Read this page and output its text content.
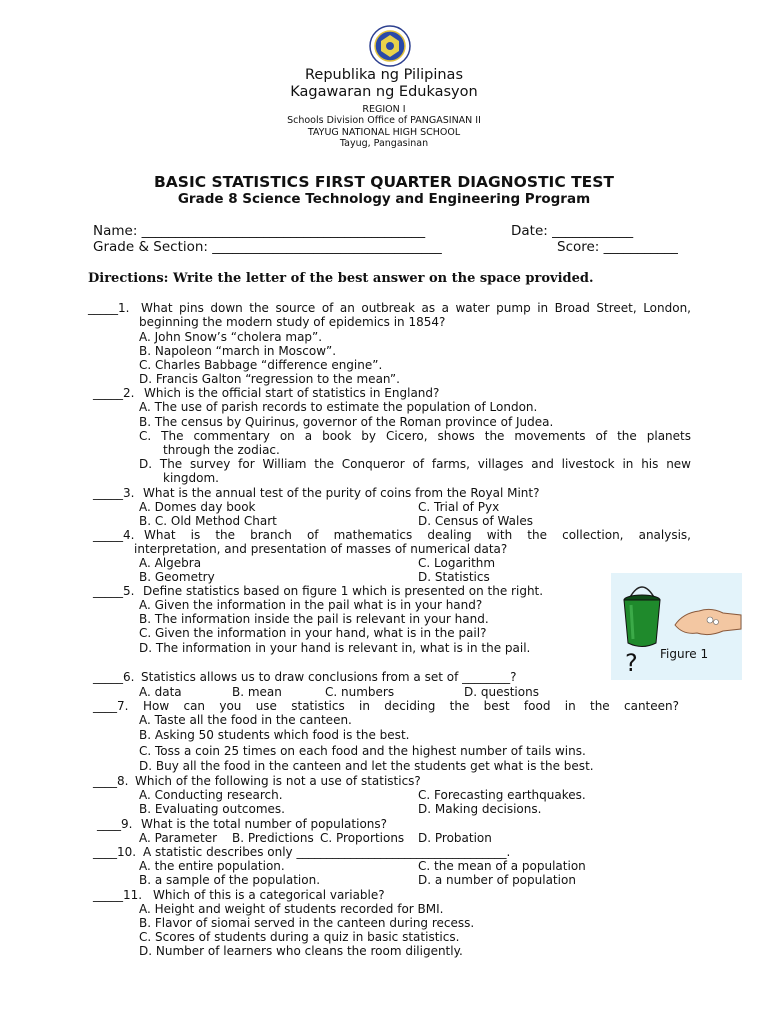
Republika ng Pilipinas
Kagawaran ng Edukasyon
REGION I
Schools Division Office of PANGASINAN II
TAYUG NATIONAL HIGH SCHOOL
Tayug, Pangasinan
BASIC STATISTICS FIRST QUARTER DIAGNOSTIC TEST
Grade 8 Science Technology and Engineering Program
Name: __________________________________________	Date: ____________
Grade & Section: __________________________________	Score: ___________
Directions: Write the letter of the best answer on the space provided.
_____1. What pins down the source of an outbreak as a water pump in Broad Street, London,
beginning the modern study of epidemics in 1854?
A. John Snow’s “cholera map”.
B. Napoleon “march in Moscow”.
C. Charles Babbage “difference engine”.
D. Francis Galton “regression to the mean”.
_____2. Which is the official start of statistics in England?
A. The use of parish records to estimate the population of London.
B. The census by Quirinus, governor of the Roman province of Judea.
C. The commentary on a book by Cicero, shows the movements of the planets
through the zodiac.
D. The survey for William the Conqueror of farms, villages and livestock in his new
kingdom.
_____3. What is the annual test of the purity of coins from the Royal Mint?
A. Domes day book	C. Trial of Pyx
B. C. Old Method Chart	D. Census of Wales
_____4. What is the branch of mathematics dealing with the collection, analysis,
interpretation, and presentation of masses of numerical data?
A. Algebra	C. Logarithm
B. Geometry	D. Statistics
_____5. Define statistics based on figure 1 which is presented on the right.
A. Given the information in the pail what is in your hand?
B. The information inside the pail is relevant in your hand.
C. Given the information in your hand, what is in the pail?
D. The information in your hand is relevant in, what is in the pail.
? Figure 1
_____6. Statistics allows us to draw conclusions from a set of ________?
A. data	B. mean	C. numbers	D. questions
____7. How can you use statistics in deciding the best food in the canteen?
A. Taste all the food in the canteen.
B. Asking 50 students which food is the best.
C. Toss a coin 25 times on each food and the highest number of tails wins.
D. Buy all the food in the canteen and let the students get what is the best.
____8. Which of the following is not a use of statistics?
A. Conducting research.	C. Forecasting earthquakes.
B. Evaluating outcomes.	D. Making decisions.
____9. What is the total number of populations?
A. Parameter B. Predictions C. Proportions D. Probation
____10. A statistic describes only ___________________________________.
A. the entire population.	C. the mean of a population
B. a sample of the population.	D. a number of population
_____11. Which of this is a categorical variable?
A. Height and weight of students recorded for BMI.
B. Flavor of siomai served in the canteen during recess.
C. Scores of students during a quiz in basic statistics.
D. Number of learners who cleans the room diligently.
